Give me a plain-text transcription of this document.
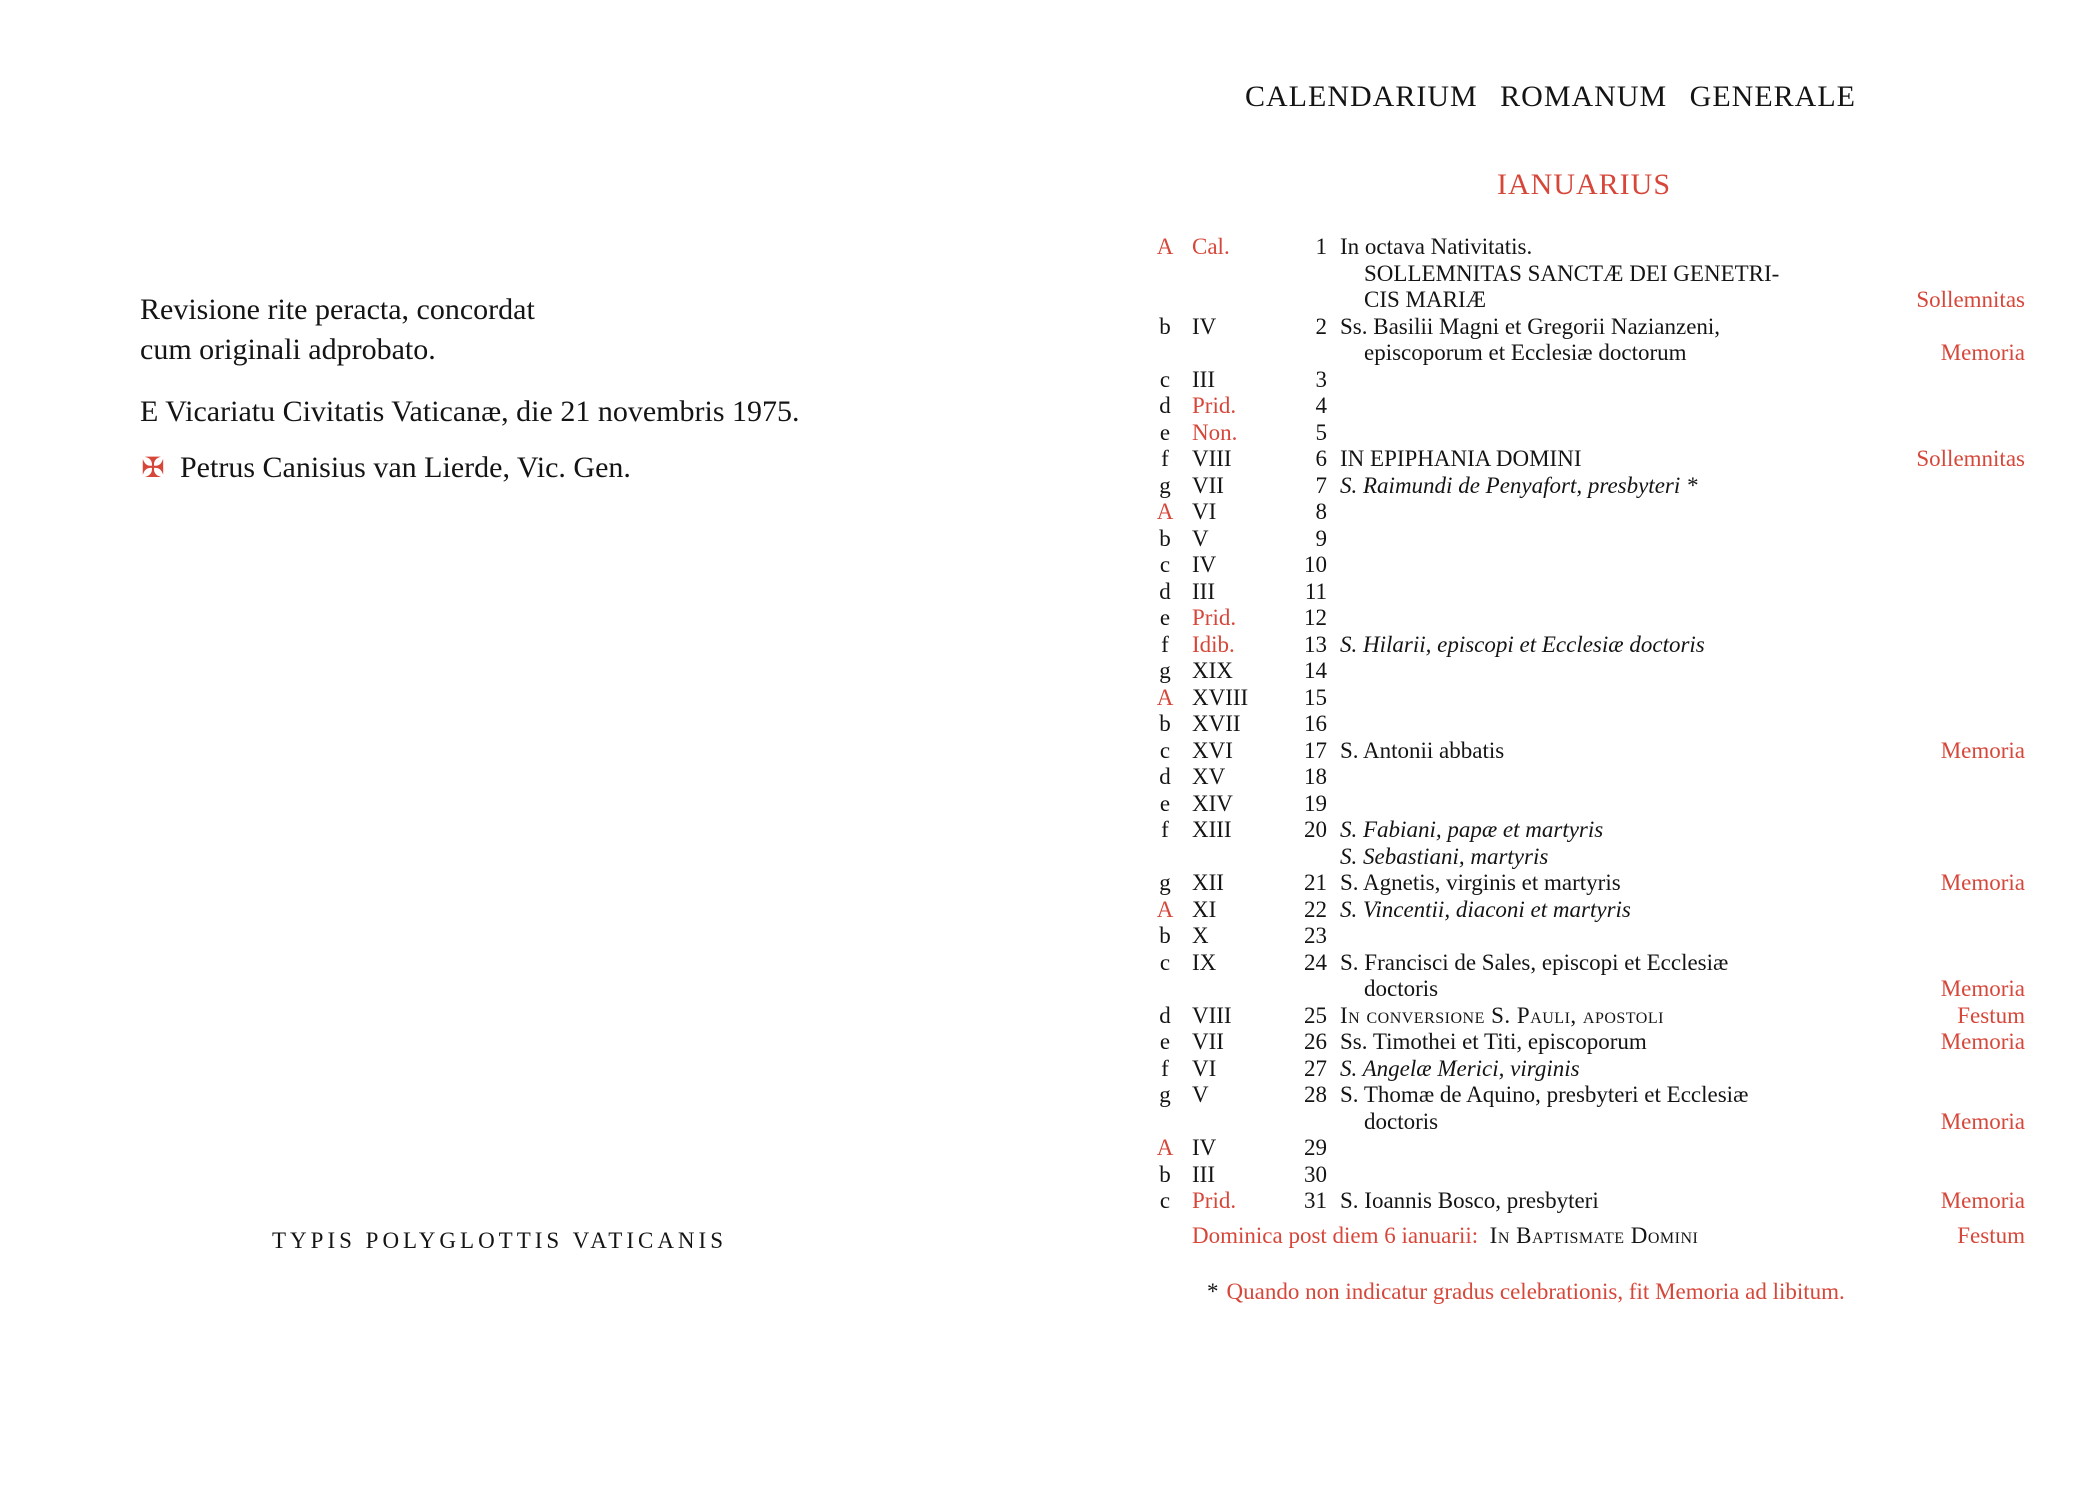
Revisione rite peracta, concordat

cum originali adprobato.

E Vicariatu Civitatis Vaticanæ, die 21 novembris 1975.

✠ Petrus Canisius van Lierde, Vic. Gen.

TYPIS POLYGLOTTIS VATICANIS
CALENDARIUM ROMANUM GENERALE
IANUARIUS
A Cal.	1 In octava Nativitatis.
SOLLEMNITAS SANCTÆ DEI GENETRI-
CIS MARIÆ	Sollemnitas
b IV	2 Ss. Basilii Magni et Gregorii Nazianzeni,
episcoporum et Ecclesiæ doctorum	Memoria
c III	3

d Prid.	4

e Non.	5

f VIII	6 IN EPIPHANIA DOMINI	Sollemnitas
g VII	7 S. Raimundi de Penyafort, presbyteri *
A VI	8

b V	9

c IV	10

d III	11

e Prid.	12

f Idib.	13 S. Hilarii, episcopi et Ecclesiæ doctoris
g XIX	14

A XVIII	15

b XVII	16

c XVI	17 S. Antonii abbatis	Memoria
d XV	18

e XIV	19

f XIII	20 S. Fabiani, papæ et martyris
S. Sebastiani, martyris
g XII	21 S. Agnetis, virginis et martyris	Memoria
A XI	22 S. Vincentii, diaconi et martyris
b X	23

c IX	24 S. Francisci de Sales, episcopi et Ecclesiæ
doctoris	Memoria
d VIII	25 In conversione S. Pauli, apostoli	Festum
e VII	26 Ss. Timothei et Titi, episcoporum	Memoria
f VI	27 S. Angelæ Merici, virginis
g V	28 S. Thomæ de Aquino, presbyteri et Ecclesiæ
doctoris	Memoria
A IV	29

b III	30

c Prid.	31 S. Ioannis Bosco, presbyteri	Memoria
Dominica post diem 6 ianuarii: In Baptismate Domini	Festum
* Quando non indicatur gradus celebrationis, fit Memoria ad libitum.
